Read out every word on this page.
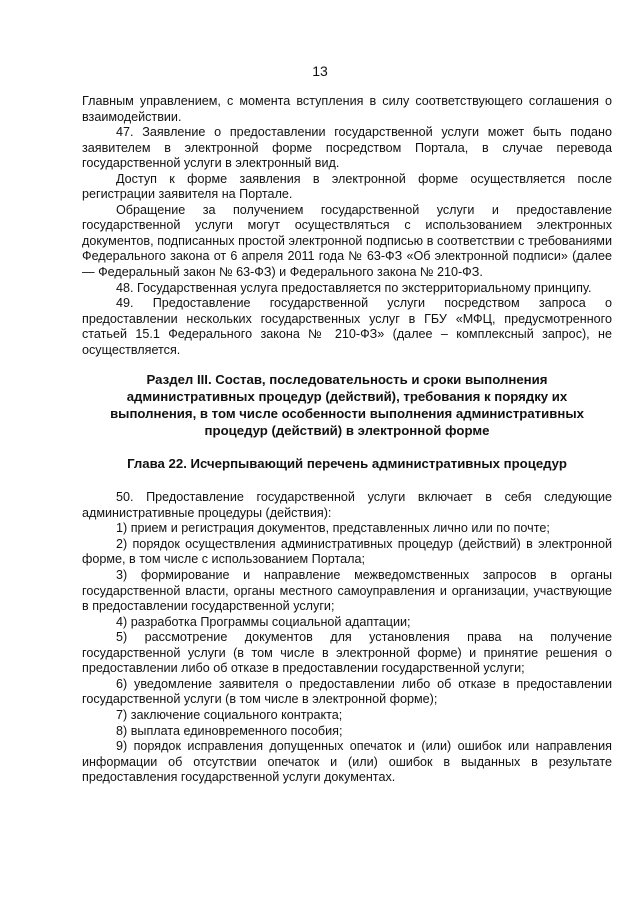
13

Главным управлением, с момента вступления в силу соответствующего соглашения о взаимодействии.

47. Заявление о предоставлении государственной услуги может быть подано заявителем в электронной форме посредством Портала, в случае перевода государственной услуги в электронный вид.

Доступ к форме заявления в электронной форме осуществляется после регистрации заявителя на Портале.

Обращение за получением государственной услуги и предоставление государственной услуги могут осуществляться с использованием электронных документов, подписанных простой электронной подписью в соответствии с требованиями Федерального закона от 6 апреля 2011 года № 63-ФЗ «Об электронной подписи» (далее — Федеральный закон № 63-ФЗ) и Федерального закона № 210-ФЗ.

48. Государственная услуга предоставляется по экстерриториальному принципу.

49. Предоставление государственной услуги посредством запроса о предоставлении нескольких государственных услуг в ГБУ «МФЦ, предусмотренного статьей 15.1 Федерального закона № 210-ФЗ» (далее – комплексный запрос), не осуществляется.

Раздел III. Состав, последовательность и сроки выполнения административных процедур (действий), требования к порядку их выполнения, в том числе особенности выполнения административных процедур (действий) в электронной форме
Глава 22. Исчерпывающий перечень административных процедур

50. Предоставление государственной услуги включает в себя следующие административные процедуры (действия):

1) прием и регистрация документов, представленных лично или по почте;

2) порядок осуществления административных процедур (действий) в электронной форме, в том числе с использованием Портала;

3) формирование и направление межведомственных запросов в органы государственной власти, органы местного самоуправления и организации, участвующие в предоставлении государственной услуги;

4) разработка Программы социальной адаптации;

5) рассмотрение документов для установления права на получение государственной услуги (в том числе в электронной форме) и принятие решения о предоставлении либо об отказе в предоставлении государственной услуги;

6) уведомление заявителя о предоставлении либо об отказе в предоставлении государственной услуги (в том числе в электронной форме);

7) заключение социального контракта;

8) выплата единовременного пособия;

9) порядок исправления допущенных опечаток и (или) ошибок или направления информации об отсутствии опечаток и (или) ошибок в выданных в результате предоставления государственной услуги документах.
